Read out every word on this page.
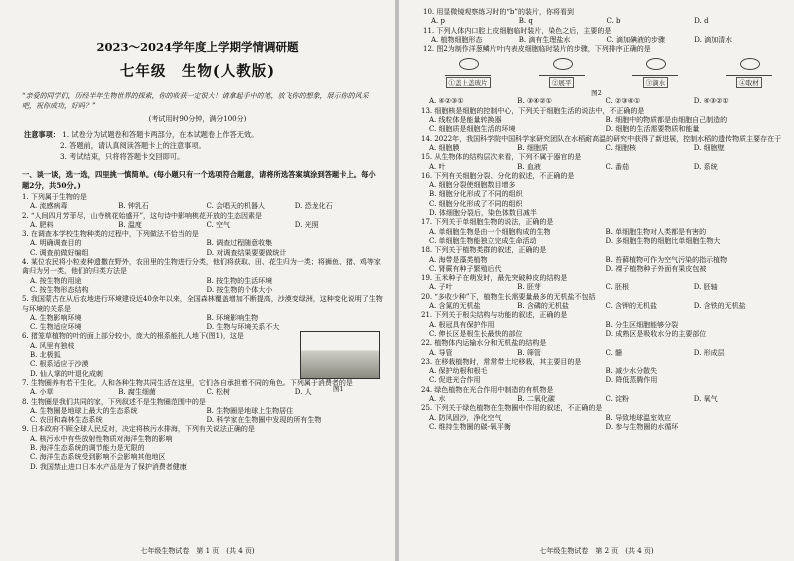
2023～2024学年度上学期学情调研题
七年级　生物(人教版)
“亲爱的同学们，历经半年生物世界的探索，你的收获一定很大！请拿起手中的笔，放飞你的想象，展示你的风采吧，祝你成功，好吗？”
(考试用时90分钟，满分100分)
注意事项： 1. 试卷分为试题卷和答题卡两部分，在本试题卷上作答无效。
2. 答题前，请认真阅读答题卡上的注意事项。
3. 考试结束，只将将答题卡交回即可。
一、谈一谈，选一选，四里挑一慎简单。(每小题只有一个选项符合题意，请将所选答案填涂到答题卡上。每小题2分，共50分。)
1. 下列属于生物的是
A. 流感病毒	B. 钟乳石	C. 会唱天的机器人	D. 恐龙化石
2. “人间四月芳菲尽，山寺桃花始盛开”，这句诗中影响桃花开放的生态因素是
A. 肥料	B. 温度	C. 空气	D. 光照
3. 在调查本学校生物种类的过程中，下列做法不恰当的是
A. 明确调查目的	B. 调查过程随意收集
C. 调查前做好编组	D. 对调查结果要要做统计
4. 某位农民将小粒麦种遗撒在野外，农田里的生物进行分类，他们将获取、田、花生归为一类；将狮鱼、猪、鸡等家禽归为另一类，他们的归类方法是
A. 按生物的用途	B. 按生物的生活环境
C. 按生物形态结构	D. 按生物的个体大小
5. 我国蒙古在从后农地进行环境建设近40余年以来，全国森林覆盖增加不断提高，沙漠变绿洲，这种变化说明了生物与环境的关系是
A. 生物影响环境	B. 环境影响生物
C. 生物适应环境	D. 生物与环境关系不大
6. 猪笼草植物的叶的面上部分较小，庞大的根系能扎人地下(图1)，这是
A. 风里有独枝
B. 北极狐
C. 根系适应于沙漠
D. 仙人掌的叶退化成刺
7. 生物圈养有若干生化，人和各种生物共同生活在这里，它们各自承担着不同的角色。下列属于消费者的是
A. 小草	B. 腐生细菌	C. 松树	D. 人
8. 生物圈是我们共同的家，下列叙述不是生物圈范围中的是
A. 生物圈是地球上最大的生态系统	B. 生物圈是地球上生物居住
C. 农田和森林生态系统	D. 科学家在生物圈中发现的所有生物
9. 日本政府不顾全球人民反对，决定将核污水排海，下列有关说法正确的是
A. 核污水中有些放射性物质对海洋生物的影响
B. 海洋生态系统的调节能力是无限的
C. 海洋生态系统受到影响不会影响其他地区
D. 我国禁止进口日本水产品是为了保护消费者健康
图1
七年级生物试卷　第 1 页　(共 4 页)
10. 用显微镜观察练习时的“b”的装片，你将看到
A. p	B. q	C. b	D. d
11. 下列人体内口腔上皮细胞临时装片，染色之后，主要的是
A. 植物细胞形态	B. 滴有生理盐水	C. 滴加碘液的步骤	D. 滴加清水
12. 图2为制作洋葱鳞片叶内表皮细胞临时装片的步骤，下列排序正确的是
①盖上盖玻片	②展平	③滴水	④取材
图2
A. ④②③①	B. ③④②①	C. ②③④①	D. ④③②①
13. 细胞核是细胞的控制中心，下列关于细胞生活的说法中，不正确的是
A. 线粒体是能量转换器	B. 细胞中的物质都是由细胞自己制造的
C. 细胞质是细胞生活的环境	D. 细胞的生活需要物质和能量
14. 2022年，我国科学院中国科学家研究团队在水稻耐高温的研究中获得了新进展，控制水稻的遗传物质主要存在于
A. 细胞膜	B. 细胞质	C. 细胞核	D. 细胞壁
15. 从生物体的结构层次来看，下列不属于器官的是
A. 叶	B. 血液	C. 番茄	D. 系统
16. 下列有关细胞分裂、分化的叙述，不正确的是
A. 细胞分裂使细胞数目增多
B. 细胞分化形成了不同的组织
C. 细胞分化形成了不同的组织
D. 体细胞分裂后，染色体数目减半
17. 下列关于单细胞生物的说法，正确的是
A. 单细胞生物是由一个细胞构成的生物	B. 单细胞生物对人类都是有害的
C. 单细胞生物能独立完成生命活动	D. 多细胞生物的细胞比单细胞生物大
18. 下列关于植物类群的叙述，正确的是
A. 海带是藻类植物	B. 苔藓植物可作为空气污染的指示植物
C. 肾蕨有种子繁殖后代	D. 裸子植物种子外面有果皮包被
19. 玉米种子在萌发时，最先突破种皮的结构是
A. 子叶	B. 胚芽	C. 胚根	D. 胚轴
20. “多收少种”下，植物生长需要量最多的无机盐不包括
A. 含氮的无机盐	B. 含磷的无机盐	C. 含钾的无机盐	D. 含铁的无机盐
21. 下列关于根尖结构与功能的叙述，正确的是
A. 根冠具有保护作用	B. 分生区细胞能够分裂
C. 伸长区是根生长最快的部位	D. 成熟区是吸收水分的主要部位
22. 植物体内运输水分和无机盐的结构是
A. 导管	B. 筛管	C. 髓	D. 形成层
23. 在移栽植物时，常常带土坨移栽，其主要目的是
A. 保护幼根和根毛	B. 减少水分散失
C. 促进光合作用	D. 降低蒸腾作用
24. 绿色植物在光合作用中制造的有机物是
A. 水	B. 二氧化碳	C. 淀粉	D. 氧气
25. 下列关于绿色植物在生物圈中作用的叙述，不正确的是
A. 防风固沙，净化空气	B. 导致地球温室效应
C. 维持生物圈的碳-氧平衡	D. 参与生物圈的水循环
七年级生物试卷　第 2 页　(共 4 页)
